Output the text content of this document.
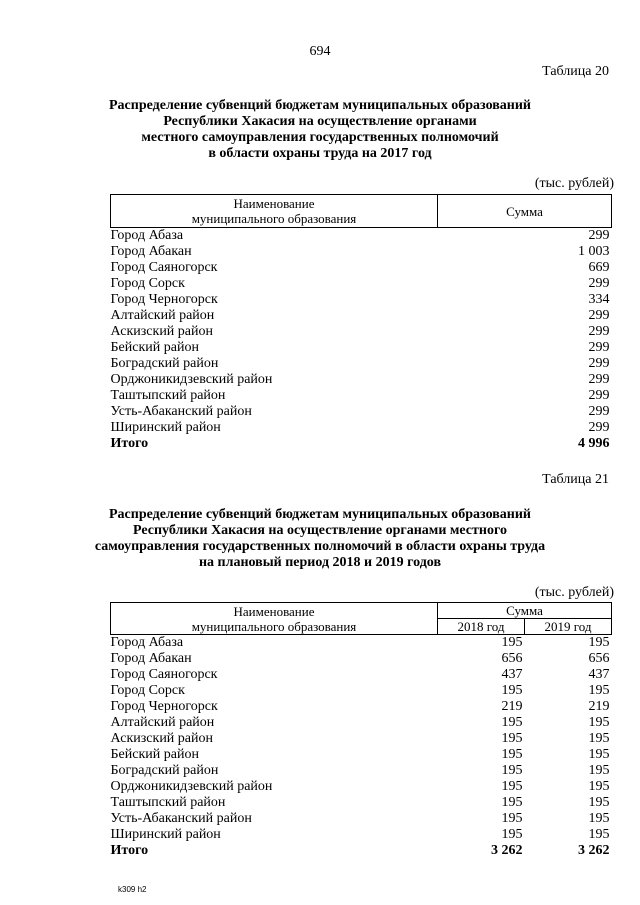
694
Таблица 20
Распределение субвенций бюджетам муниципальных образований
Республики Хакасия на осуществление органами
местного самоуправления государственных полномочий
в области охраны труда на 2017 год
(тыс. рублей)
Наименование
муниципального образования	Сумма
Город Абаза	299
Город Абакан	1 003
Город Саяногорск	669
Город Сорск	299
Город Черногорск	334
Алтайский район	299
Аскизский район	299
Бейский район	299
Боградский район	299
Орджоникидзевский район	299
Таштыпский район	299
Усть-Абаканский район	299
Ширинский район	299
Итого	4 996
Таблица 21
Распределение субвенций бюджетам муниципальных образований
Республики Хакасия на осуществление органами местного
самоуправления государственных полномочий в области охраны труда
на плановый период 2018 и 2019 годов
(тыс. рублей)
Наименование
муниципального образования	Сумма	
	2018 год	2019 год
Город Абаза	195	195
Город Абакан	656	656
Город Саяногорск	437	437
Город Сорск	195	195
Город Черногорск	219	219
Алтайский район	195	195
Аскизский район	195	195
Бейский район	195	195
Боградский район	195	195
Орджоникидзевский район	195	195
Таштыпский район	195	195
Усть-Абаканский район	195	195
Ширинский район	195	195
Итого	3 262	3 262
k309 h2
